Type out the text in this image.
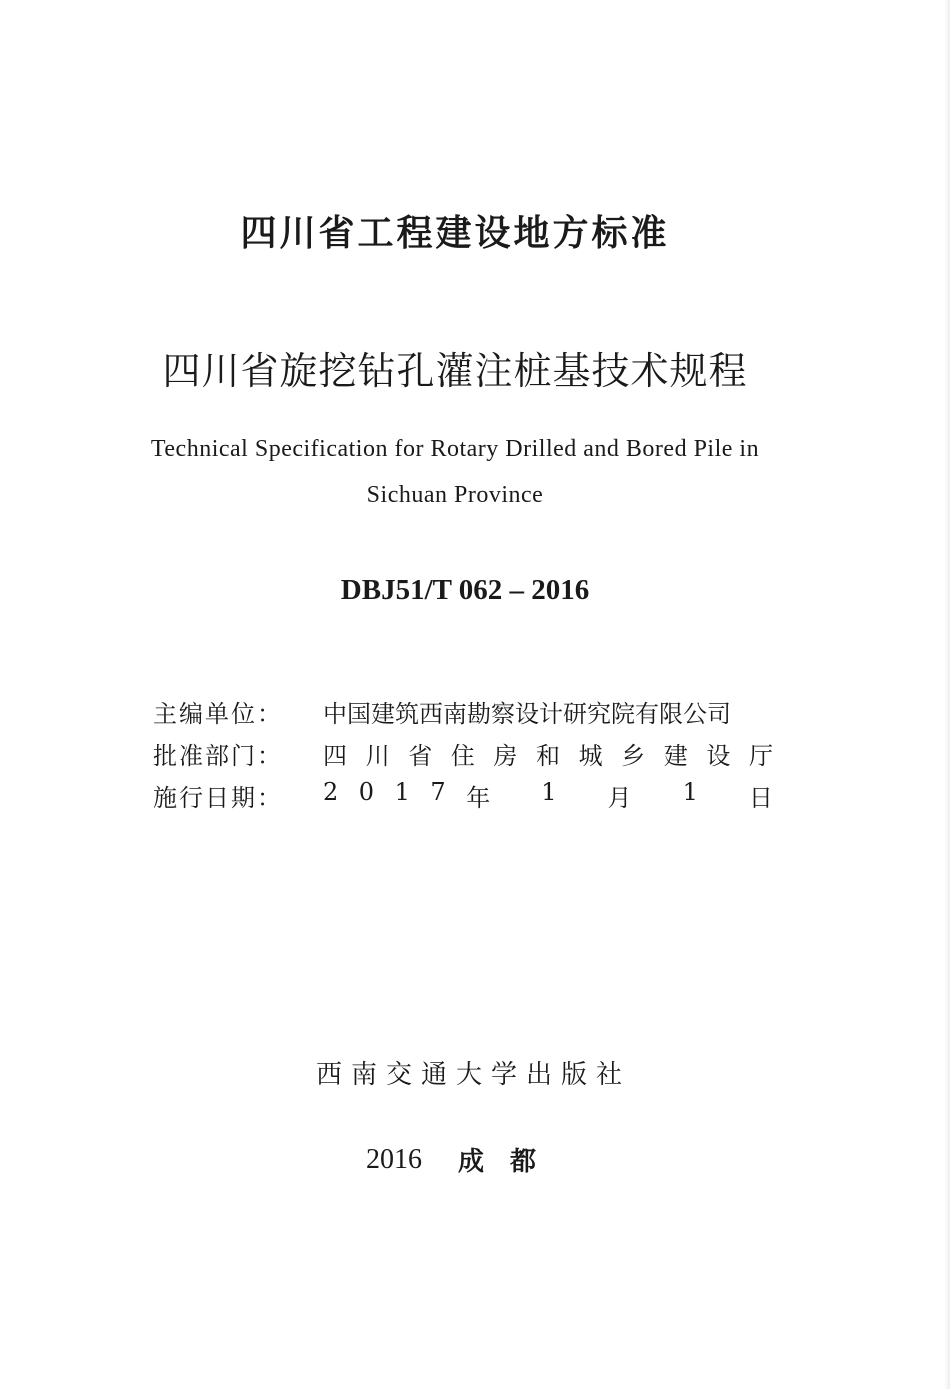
四川省工程建设地方标准
四川省旋挖钻孔灌注桩基技术规程
Technical Specification for Rotary Drilled and Bored Pile in
Sichuan Province
DBJ51/T 062 – 2016
主编单位：	中国建筑西南勘察设计研究院有限公司
批准部门：	四 川 省 住 房 和 城 乡 建 设 厅
施行日期：	2 0 1 7 年 1 月 1 日
西南交通大学出版社
2016 成都
